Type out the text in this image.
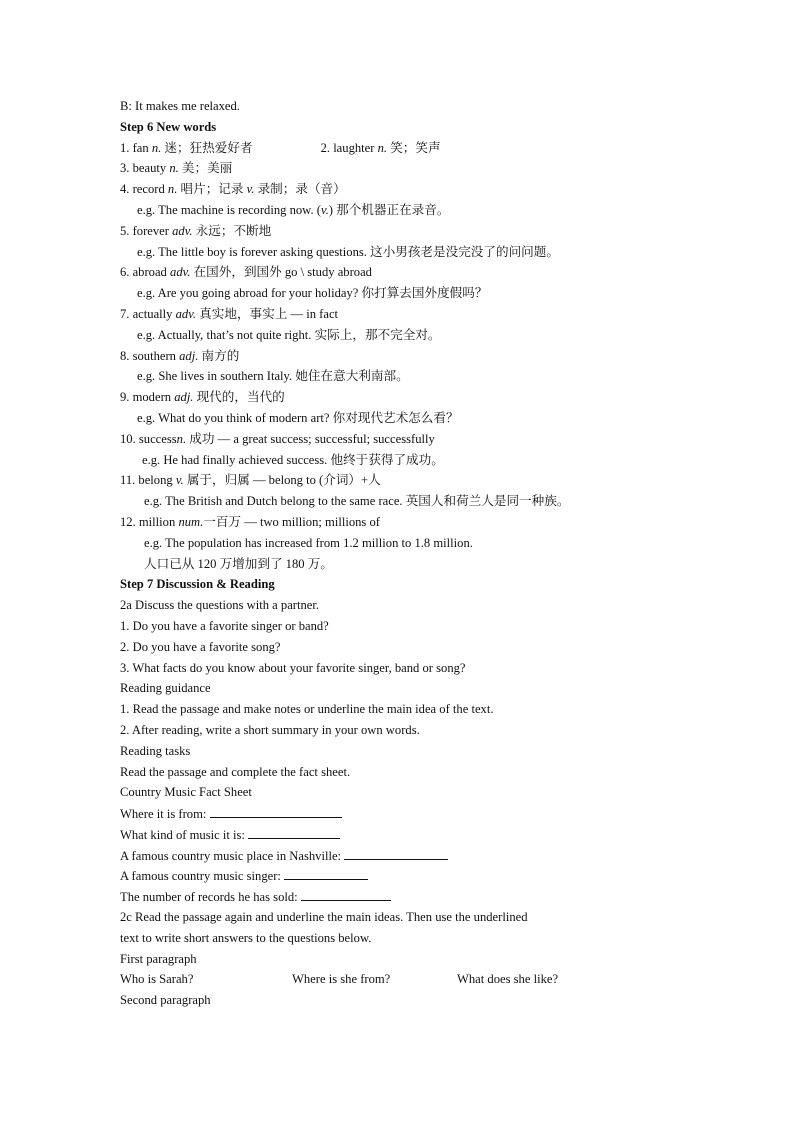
B: It makes me relaxed.
Step 6 New words
1. fan n. 迷；狂热爱好者	2. laughter n. 笑；笑声
3. beauty n. 美；美丽
4. record n. 唱片；记录 v. 录制；录（音）
e.g. The machine is recording now. (v.) 那个机器正在录音。
5. forever adv. 永远；不断地
e.g. The little boy is forever asking questions. 这小男孩老是没完没了的问问题。
6. abroad adv. 在国外，到国外 go \ study abroad
e.g. Are you going abroad for your holiday? 你打算去国外度假吗？
7. actually adv. 真实地，事实上 — in fact
e.g. Actually, that’s not quite right. 实际上，那不完全对。
8. southern adj. 南方的
e.g. She lives in southern Italy. 她住在意大利南部。
9. modern adj. 现代的，当代的
e.g. What do you think of modern art? 你对现代艺术怎么看？
10. successn. 成功 — a great success; successful; successfully
e.g. He had finally achieved success. 他终于获得了成功。
11. belong v. 属于，归属 — belong to (介词）+人
e.g. The British and Dutch belong to the same race. 英国人和荷兰人是同一种族。
12. million num.一百万 — two million; millions of
e.g. The population has increased from 1.2 million to 1.8 million.
人口已从 120 万增加到了 180 万。
Step 7 Discussion & Reading
2a Discuss the questions with a partner.
1. Do you have a favorite singer or band?
2. Do you have a favorite song?
3. What facts do you know about your favorite singer, band or song?
Reading guidance
1. Read the passage and make notes or underline the main idea of the text.
2. After reading, write a short summary in your own words.
Reading tasks
Read the passage and complete the fact sheet.
Country Music Fact Sheet
Where it is from:
What kind of music it is:
A famous country music place in Nashville:
A famous country music singer:
The number of records he has sold:
2c Read the passage again and underline the main ideas. Then use the underlined
text to write short answers to the questions below.
First paragraph
Who is Sarah?	Where is she from?	What does she like?
Second paragraph
